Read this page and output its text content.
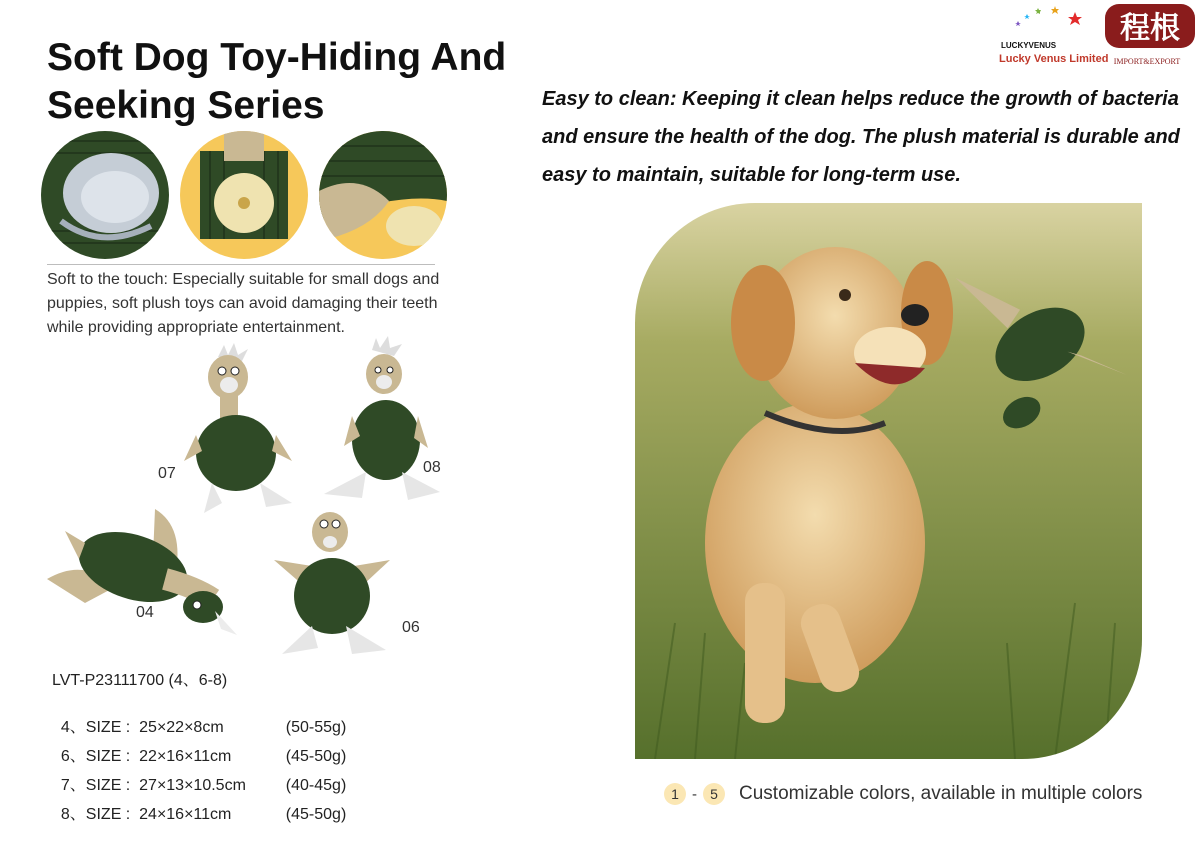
Soft Dog Toy-Hiding And Seeking Series
LUCKYVENUS
Lucky Venus Limited
程根
IMPORT&EXPORT
Soft to the touch: Especially suitable for small dogs and puppies, soft plush toys can avoid damaging their teeth while providing appropriate entertainment.
07	08
04
06
LVT-P23111700 (4、6-8)

4、SIZE :  25×22×8cm	(50-55g)

6、SIZE :  22×16×11cm	(45-50g)

7、SIZE :  27×13×10.5cm (40-45g)

8、SIZE :  24×16×11cm	(45-50g)

Easy to clean: Keeping it clean helps reduce the growth of bacteria and ensure the health of the dog. The plush material is durable and easy to maintain, suitable for long-term use.
1 - 5	Customizable colors, available in multiple colors
